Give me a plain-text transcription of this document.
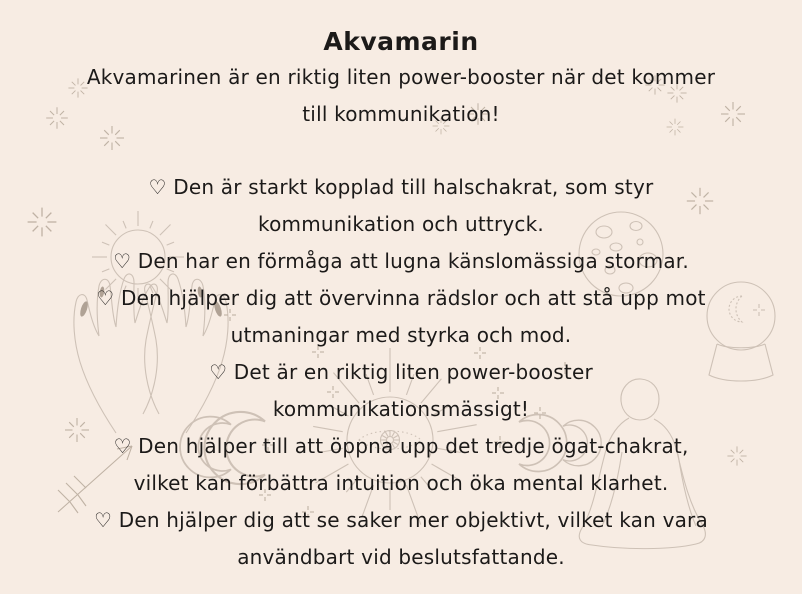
Akvamarin
Akvamarinen är en riktig liten power-booster när det kommer
till kommunikation!
♡ Den är starkt kopplad till halschakrat, som styr
kommunikation och uttryck.
♡ Den har en förmåga att lugna känslomässiga stormar.
♡ Den hjälper dig att övervinna rädslor och att stå upp mot
utmaningar med styrka och mod.
♡ Det är en riktig liten power-booster
kommunikationsmässigt!
♡ Den hjälper till att öppna upp det tredje ögat-chakrat,
vilket kan förbättra intuition och öka mental klarhet.
♡ Den hjälper dig att se saker mer objektivt, vilket kan vara
användbart vid beslutsfattande.
